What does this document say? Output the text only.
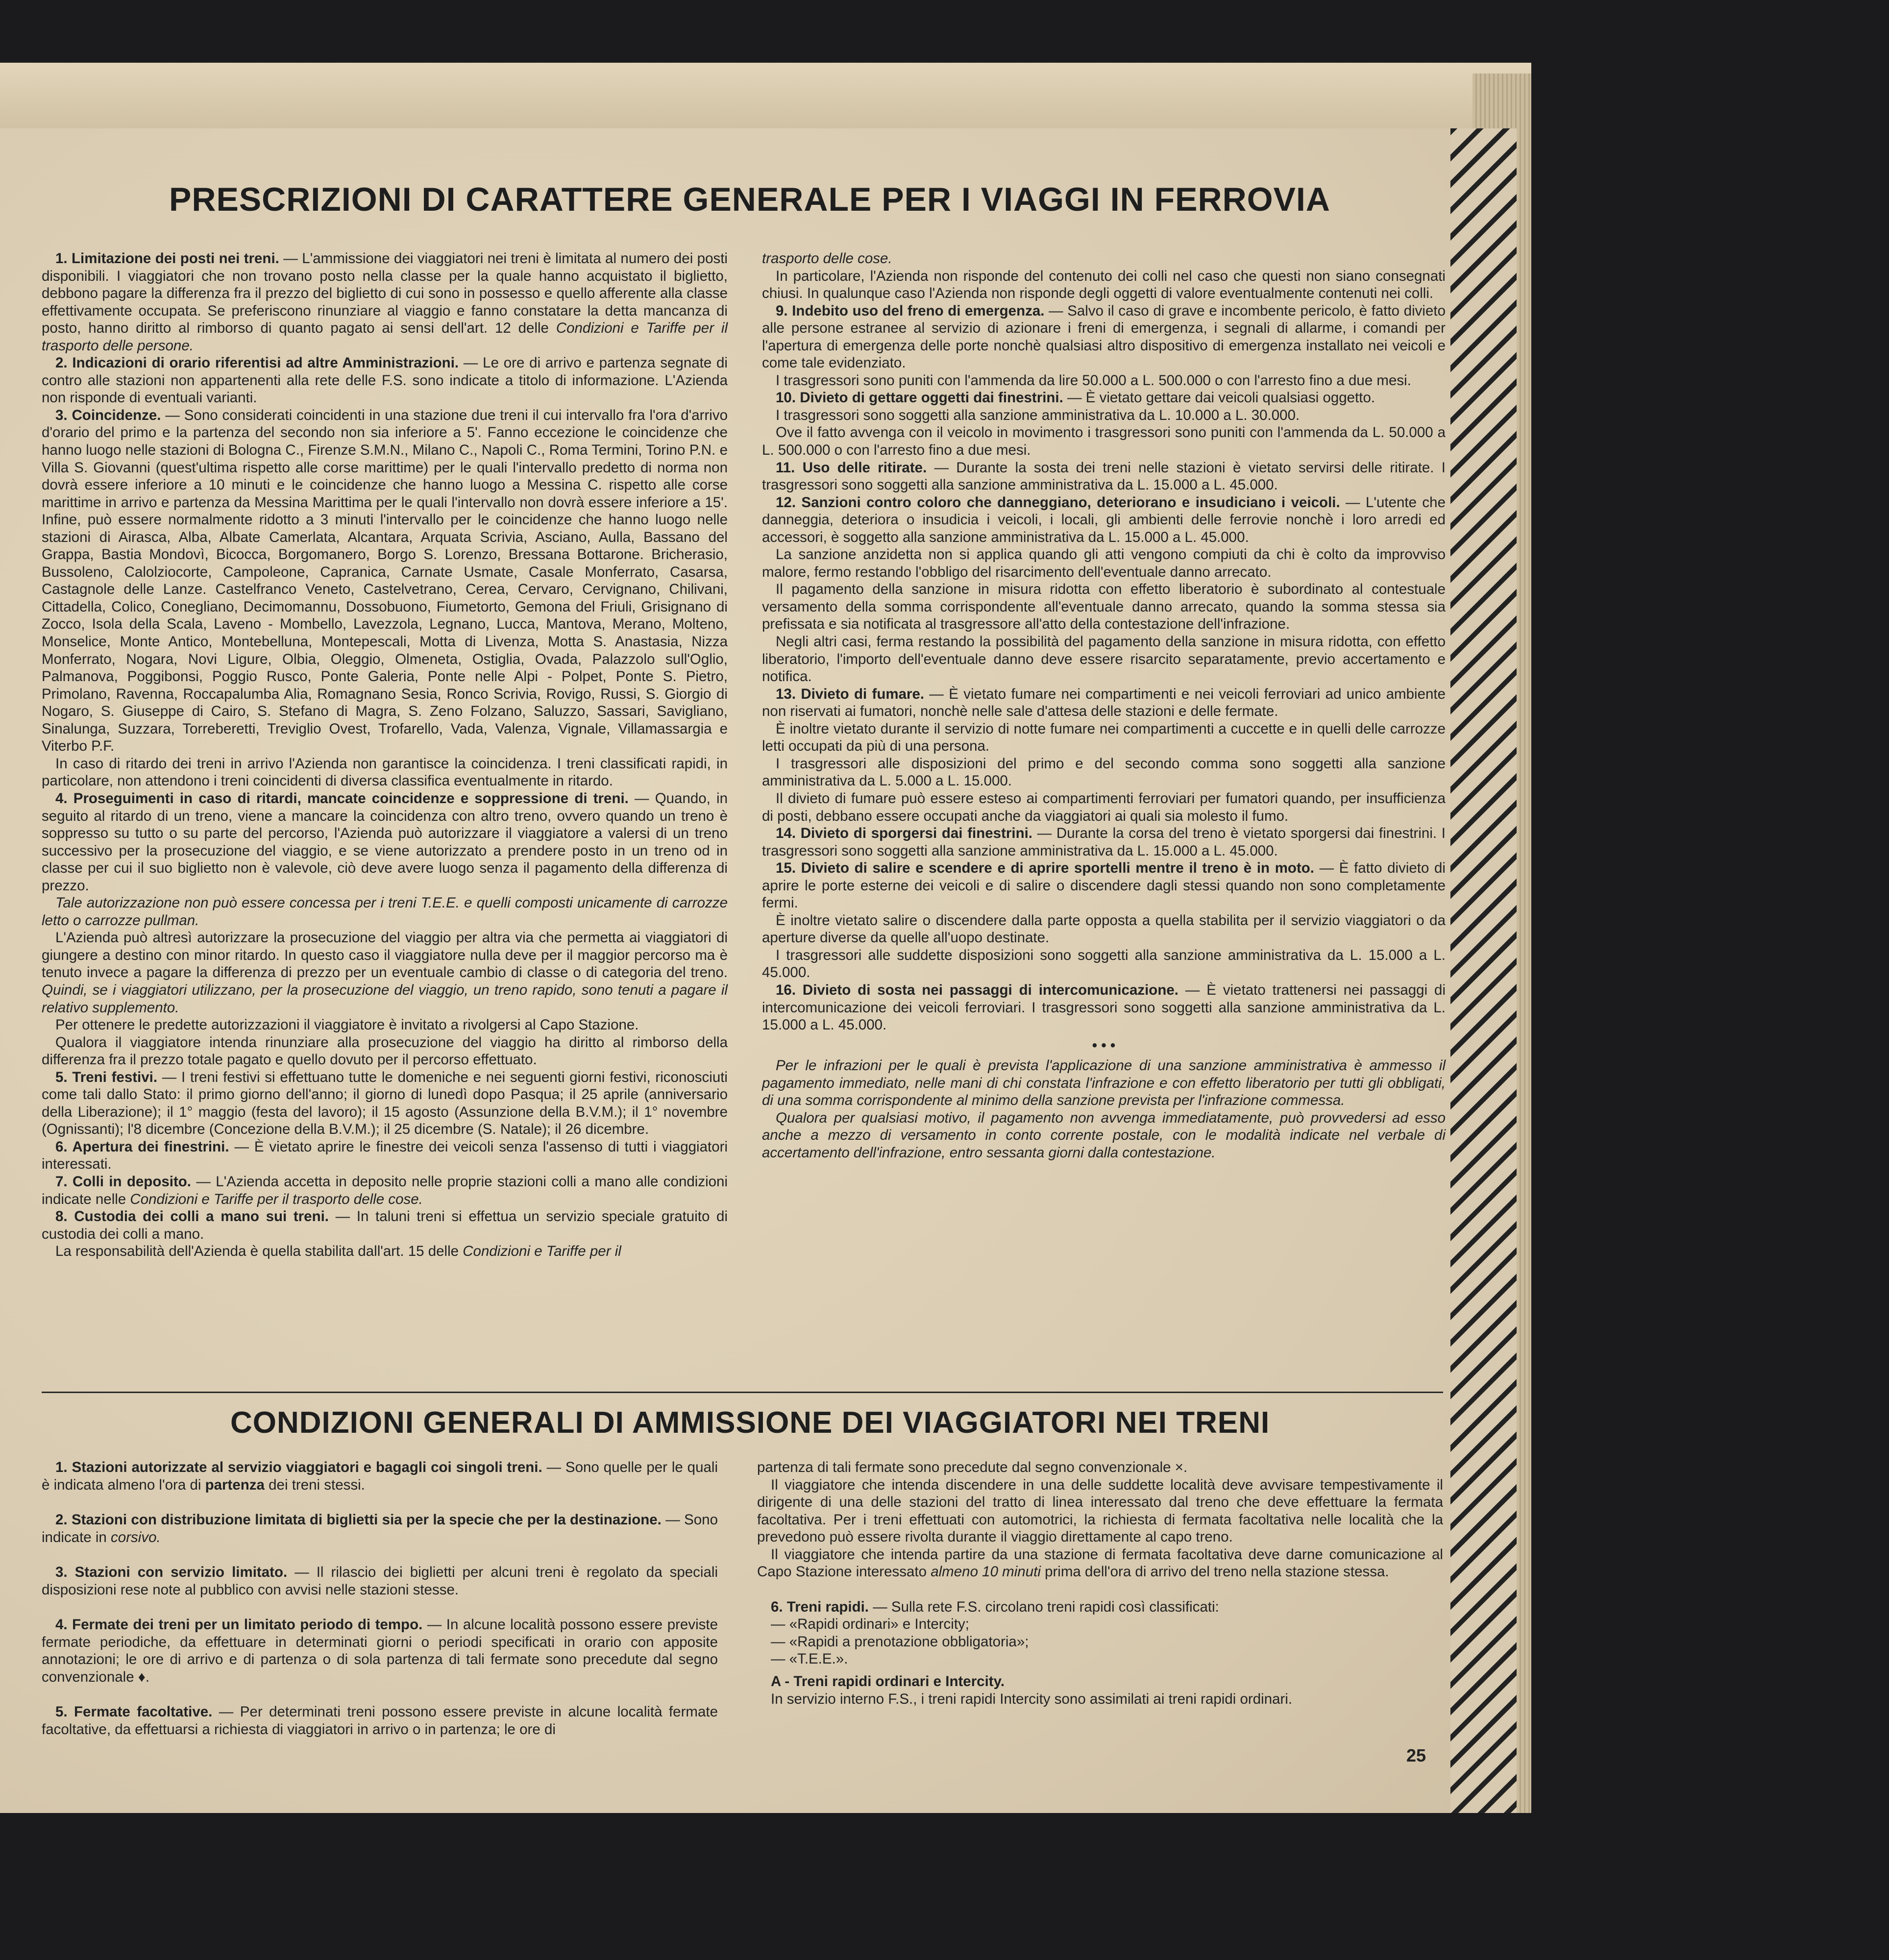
PRESCRIZIONI DI CARATTERE GENERALE PER I VIAGGI IN FERROVIA

1. Limitazione dei posti nei treni. — L'ammissione dei viaggiatori nei treni è limitata al numero dei posti disponibili. I viaggiatori che non trovano posto nella classe per la quale hanno acquistato il biglietto, debbono pagare la differenza fra il prezzo del biglietto di cui sono in possesso e quello afferente alla classe effettivamente occupata. Se preferiscono rinunziare al viaggio e fanno constatare la detta mancanza di posto, hanno diritto al rimborso di quanto pagato ai sensi dell'art. 12 delle Condizioni e Tariffe per il trasporto delle persone.

2. Indicazioni di orario riferentisi ad altre Amministrazioni. — Le ore di arrivo e partenza segnate di contro alle stazioni non appartenenti alla rete delle F.S. sono indicate a titolo di informazione. L'Azienda non risponde di eventuali varianti.

3. Coincidenze. — Sono considerati coincidenti in una stazione due treni il cui intervallo fra l'ora d'arrivo d'orario del primo e la partenza del secondo non sia inferiore a 5'. Fanno eccezione le coincidenze che hanno luogo nelle stazioni di Bologna C., Firenze S.M.N., Milano C., Napoli C., Roma Termini, Torino P.N. e Villa S. Giovanni (quest'ultima rispetto alle corse marittime) per le quali l'intervallo predetto di norma non dovrà essere inferiore a 10 minuti e le coincidenze che hanno luogo a Messina C. rispetto alle corse marittime in arrivo e partenza da Messina Marittima per le quali l'intervallo non dovrà essere inferiore a 15'. Infine, può essere normalmente ridotto a 3 minuti l'intervallo per le coincidenze che hanno luogo nelle stazioni di Airasca, Alba, Albate Camerlata, Alcantara, Arquata Scrivia, Asciano, Aulla, Bassano del Grappa, Bastia Mondovì, Bicocca, Borgomanero, Borgo S. Lorenzo, Bressana Bottarone. Bricherasio, Bussoleno, Calolziocorte, Campoleone, Capranica, Carnate Usmate, Casale Monferrato, Casarsa, Castagnole delle Lanze. Castelfranco Veneto, Castelvetrano, Cerea, Cervaro, Cervignano, Chilivani, Cittadella, Colico, Conegliano, Decimomannu, Dossobuono, Fiumetorto, Gemona del Friuli, Grisignano di Zocco, Isola della Scala, Laveno - Mombello, Lavezzola, Legnano, Lucca, Mantova, Merano, Molteno, Monselice, Monte Antico, Montebelluna, Montepescali, Motta di Livenza, Motta S. Anastasia, Nizza Monferrato, Nogara, Novi Ligure, Olbia, Oleggio, Olmeneta, Ostiglia, Ovada, Palazzolo sull'Oglio, Palmanova, Poggibonsi, Poggio Rusco, Ponte Galeria, Ponte nelle Alpi - Polpet, Ponte S. Pietro, Primolano, Ravenna, Roccapalumba Alia, Romagnano Sesia, Ronco Scrivia, Rovigo, Russi, S. Giorgio di Nogaro, S. Giuseppe di Cairo, S. Stefano di Magra, S. Zeno Folzano, Saluzzo, Sassari, Savigliano, Sinalunga, Suzzara, Torreberetti, Treviglio Ovest, Trofarello, Vada, Valenza, Vignale, Villamassargia e Viterbo P.F.

In caso di ritardo dei treni in arrivo l'Azienda non garantisce la coincidenza. I treni classificati rapidi, in particolare, non attendono i treni coincidenti di diversa classifica eventualmente in ritardo.

4. Proseguimenti in caso di ritardi, mancate coincidenze e soppressione di treni. — Quando, in seguito al ritardo di un treno, viene a mancare la coincidenza con altro treno, ovvero quando un treno è soppresso su tutto o su parte del percorso, l'Azienda può autorizzare il viaggiatore a valersi di un treno successivo per la prosecuzione del viaggio, e se viene autorizzato a prendere posto in un treno od in classe per cui il suo biglietto non è valevole, ciò deve avere luogo senza il pagamento della differenza di prezzo.

Tale autorizzazione non può essere concessa per i treni T.E.E. e quelli composti unicamente di carrozze letto o carrozze pullman.

L'Azienda può altresì autorizzare la prosecuzione del viaggio per altra via che permetta ai viaggiatori di giungere a destino con minor ritardo. In questo caso il viaggiatore nulla deve per il maggior percorso ma è tenuto invece a pagare la differenza di prezzo per un eventuale cambio di classe o di categoria del treno. Quindi, se i viaggiatori utilizzano, per la prosecuzione del viaggio, un treno rapido, sono tenuti a pagare il relativo supplemento.

Per ottenere le predette autorizzazioni il viaggiatore è invitato a rivolgersi al Capo Stazione.

Qualora il viaggiatore intenda rinunziare alla prosecuzione del viaggio ha diritto al rimborso della differenza fra il prezzo totale pagato e quello dovuto per il percorso effettuato.

5. Treni festivi. — I treni festivi si effettuano tutte le domeniche e nei seguenti giorni festivi, riconosciuti come tali dallo Stato: il primo giorno dell'anno; il giorno di lunedì dopo Pasqua; il 25 aprile (anniversario della Liberazione); il 1° maggio (festa del lavoro); il 15 agosto (Assunzione della B.V.M.); il 1° novembre (Ognissanti); l'8 dicembre (Concezione della B.V.M.); il 25 dicembre (S. Natale); il 26 dicembre.

6. Apertura dei finestrini. — È vietato aprire le finestre dei veicoli senza l'assenso di tutti i viaggiatori interessati.

7. Colli in deposito. — L'Azienda accetta in deposito nelle proprie stazioni colli a mano alle condizioni indicate nelle Condizioni e Tariffe per il trasporto delle cose.

8. Custodia dei colli a mano sui treni. — In taluni treni si effettua un servizio speciale gratuito di custodia dei colli a mano.

La responsabilità dell'Azienda è quella stabilita dall'art. 15 delle Condizioni e Tariffe per il

trasporto delle cose.

In particolare, l'Azienda non risponde del contenuto dei colli nel caso che questi non siano consegnati chiusi. In qualunque caso l'Azienda non risponde degli oggetti di valore eventualmente contenuti nei colli.

9. Indebito uso del freno di emergenza. — Salvo il caso di grave e incombente pericolo, è fatto divieto alle persone estranee al servizio di azionare i freni di emergenza, i segnali di allarme, i comandi per l'apertura di emergenza delle porte nonchè qualsiasi altro dispositivo di emergenza installato nei veicoli e come tale evidenziato.

I trasgressori sono puniti con l'ammenda da lire 50.000 a L. 500.000 o con l'arresto fino a due mesi.

10. Divieto di gettare oggetti dai finestrini. — È vietato gettare dai veicoli qualsiasi oggetto.

I trasgressori sono soggetti alla sanzione amministrativa da L. 10.000 a L. 30.000.

Ove il fatto avvenga con il veicolo in movimento i trasgressori sono puniti con l'ammenda da L. 50.000 a L. 500.000 o con l'arresto fino a due mesi.

11. Uso delle ritirate. — Durante la sosta dei treni nelle stazioni è vietato servirsi delle ritirate. I trasgressori sono soggetti alla sanzione amministrativa da L. 15.000 a L. 45.000.

12. Sanzioni contro coloro che danneggiano, deteriorano e insudiciano i veicoli. — L'utente che danneggia, deteriora o insudicia i veicoli, i locali, gli ambienti delle ferrovie nonchè i loro arredi ed accessori, è soggetto alla sanzione amministrativa da L. 15.000 a L. 45.000.

La sanzione anzidetta non si applica quando gli atti vengono compiuti da chi è colto da improvviso malore, fermo restando l'obbligo del risarcimento dell'eventuale danno arrecato.

Il pagamento della sanzione in misura ridotta con effetto liberatorio è subordinato al contestuale versamento della somma corrispondente all'eventuale danno arrecato, quando la somma stessa sia prefissata e sia notificata al trasgressore all'atto della contestazione dell'infrazione.

Negli altri casi, ferma restando la possibilità del pagamento della sanzione in misura ridotta, con effetto liberatorio, l'importo dell'eventuale danno deve essere risarcito separatamente, previo accertamento e notifica.

13. Divieto di fumare. — È vietato fumare nei compartimenti e nei veicoli ferroviari ad unico ambiente non riservati ai fumatori, nonchè nelle sale d'attesa delle stazioni e delle fermate.

È inoltre vietato durante il servizio di notte fumare nei compartimenti a cuccette e in quelli delle carrozze letti occupati da più di una persona.

I trasgressori alle disposizioni del primo e del secondo comma sono soggetti alla sanzione amministrativa da L. 5.000 a L. 15.000.

Il divieto di fumare può essere esteso ai compartimenti ferroviari per fumatori quando, per insufficienza di posti, debbano essere occupati anche da viaggiatori ai quali sia molesto il fumo.

14. Divieto di sporgersi dai finestrini. — Durante la corsa del treno è vietato sporgersi dai finestrini. I trasgressori sono soggetti alla sanzione amministrativa da L. 15.000 a L. 45.000.

15. Divieto di salire e scendere e di aprire sportelli mentre il treno è in moto. — È fatto divieto di aprire le porte esterne dei veicoli e di salire o discendere dagli stessi quando non sono completamente fermi.

È inoltre vietato salire o discendere dalla parte opposta a quella stabilita per il servizio viaggiatori o da aperture diverse da quelle all'uopo destinate.

I trasgressori alle suddette disposizioni sono soggetti alla sanzione amministrativa da L. 15.000 a L. 45.000.

16. Divieto di sosta nei passaggi di intercomunicazione. — È vietato trattenersi nei passaggi di intercomunicazione dei veicoli ferroviari. I trasgressori sono soggetti alla sanzione amministrativa da L. 15.000 a L. 45.000.

• • •

Per le infrazioni per le quali è prevista l'applicazione di una sanzione amministrativa è ammesso il pagamento immediato, nelle mani di chi constata l'infrazione e con effetto liberatorio per tutti gli obbligati, di una somma corrispondente al minimo della sanzione prevista per l'infrazione commessa.

Qualora per qualsiasi motivo, il pagamento non avvenga immediatamente, può provvedersi ad esso anche a mezzo di versamento in conto corrente postale, con le modalità indicate nel verbale di accertamento dell'infrazione, entro sessanta giorni dalla contestazione.

CONDIZIONI GENERALI DI AMMISSIONE DEI VIAGGIATORI NEI TRENI

1. Stazioni autorizzate al servizio viaggiatori e bagagli coi singoli treni. — Sono quelle per le quali è indicata almeno l'ora di partenza dei treni stessi.

2. Stazioni con distribuzione limitata di biglietti sia per la specie che per la destinazione. — Sono indicate in corsivo.

3. Stazioni con servizio limitato. — Il rilascio dei biglietti per alcuni treni è regolato da speciali disposizioni rese note al pubblico con avvisi nelle stazioni stesse.

4. Fermate dei treni per un limitato periodo di tempo. — In alcune località possono essere previste fermate periodiche, da effettuare in determinati giorni o periodi specificati in orario con apposite annotazioni; le ore di arrivo e di partenza o di sola partenza di tali fermate sono precedute dal segno convenzionale ♦.

5. Fermate facoltative. — Per determinati treni possono essere previste in alcune località fermate facoltative, da effettuarsi a richiesta di viaggiatori in arrivo o in partenza; le ore di

partenza di tali fermate sono precedute dal segno convenzionale ×.

Il viaggiatore che intenda discendere in una delle suddette località deve avvisare tempestivamente il dirigente di una delle stazioni del tratto di linea interessato dal treno che deve effettuare la fermata facoltativa. Per i treni effettuati con automotrici, la richiesta di fermata facoltativa nelle località che la prevedono può essere rivolta durante il viaggio direttamente al capo treno.

Il viaggiatore che intenda partire da una stazione di fermata facoltativa deve darne comunicazione al Capo Stazione interessato almeno 10 minuti prima dell'ora di arrivo del treno nella stazione stessa.

6. Treni rapidi. — Sulla rete F.S. circolano treni rapidi così classificati:

— «Rapidi ordinari» e Intercity;
— «Rapidi a prenotazione obbligatoria»;
— «T.E.E.».

A - Treni rapidi ordinari e Intercity.

In servizio interno F.S., i treni rapidi Intercity sono assimilati ai treni rapidi ordinari.

25
